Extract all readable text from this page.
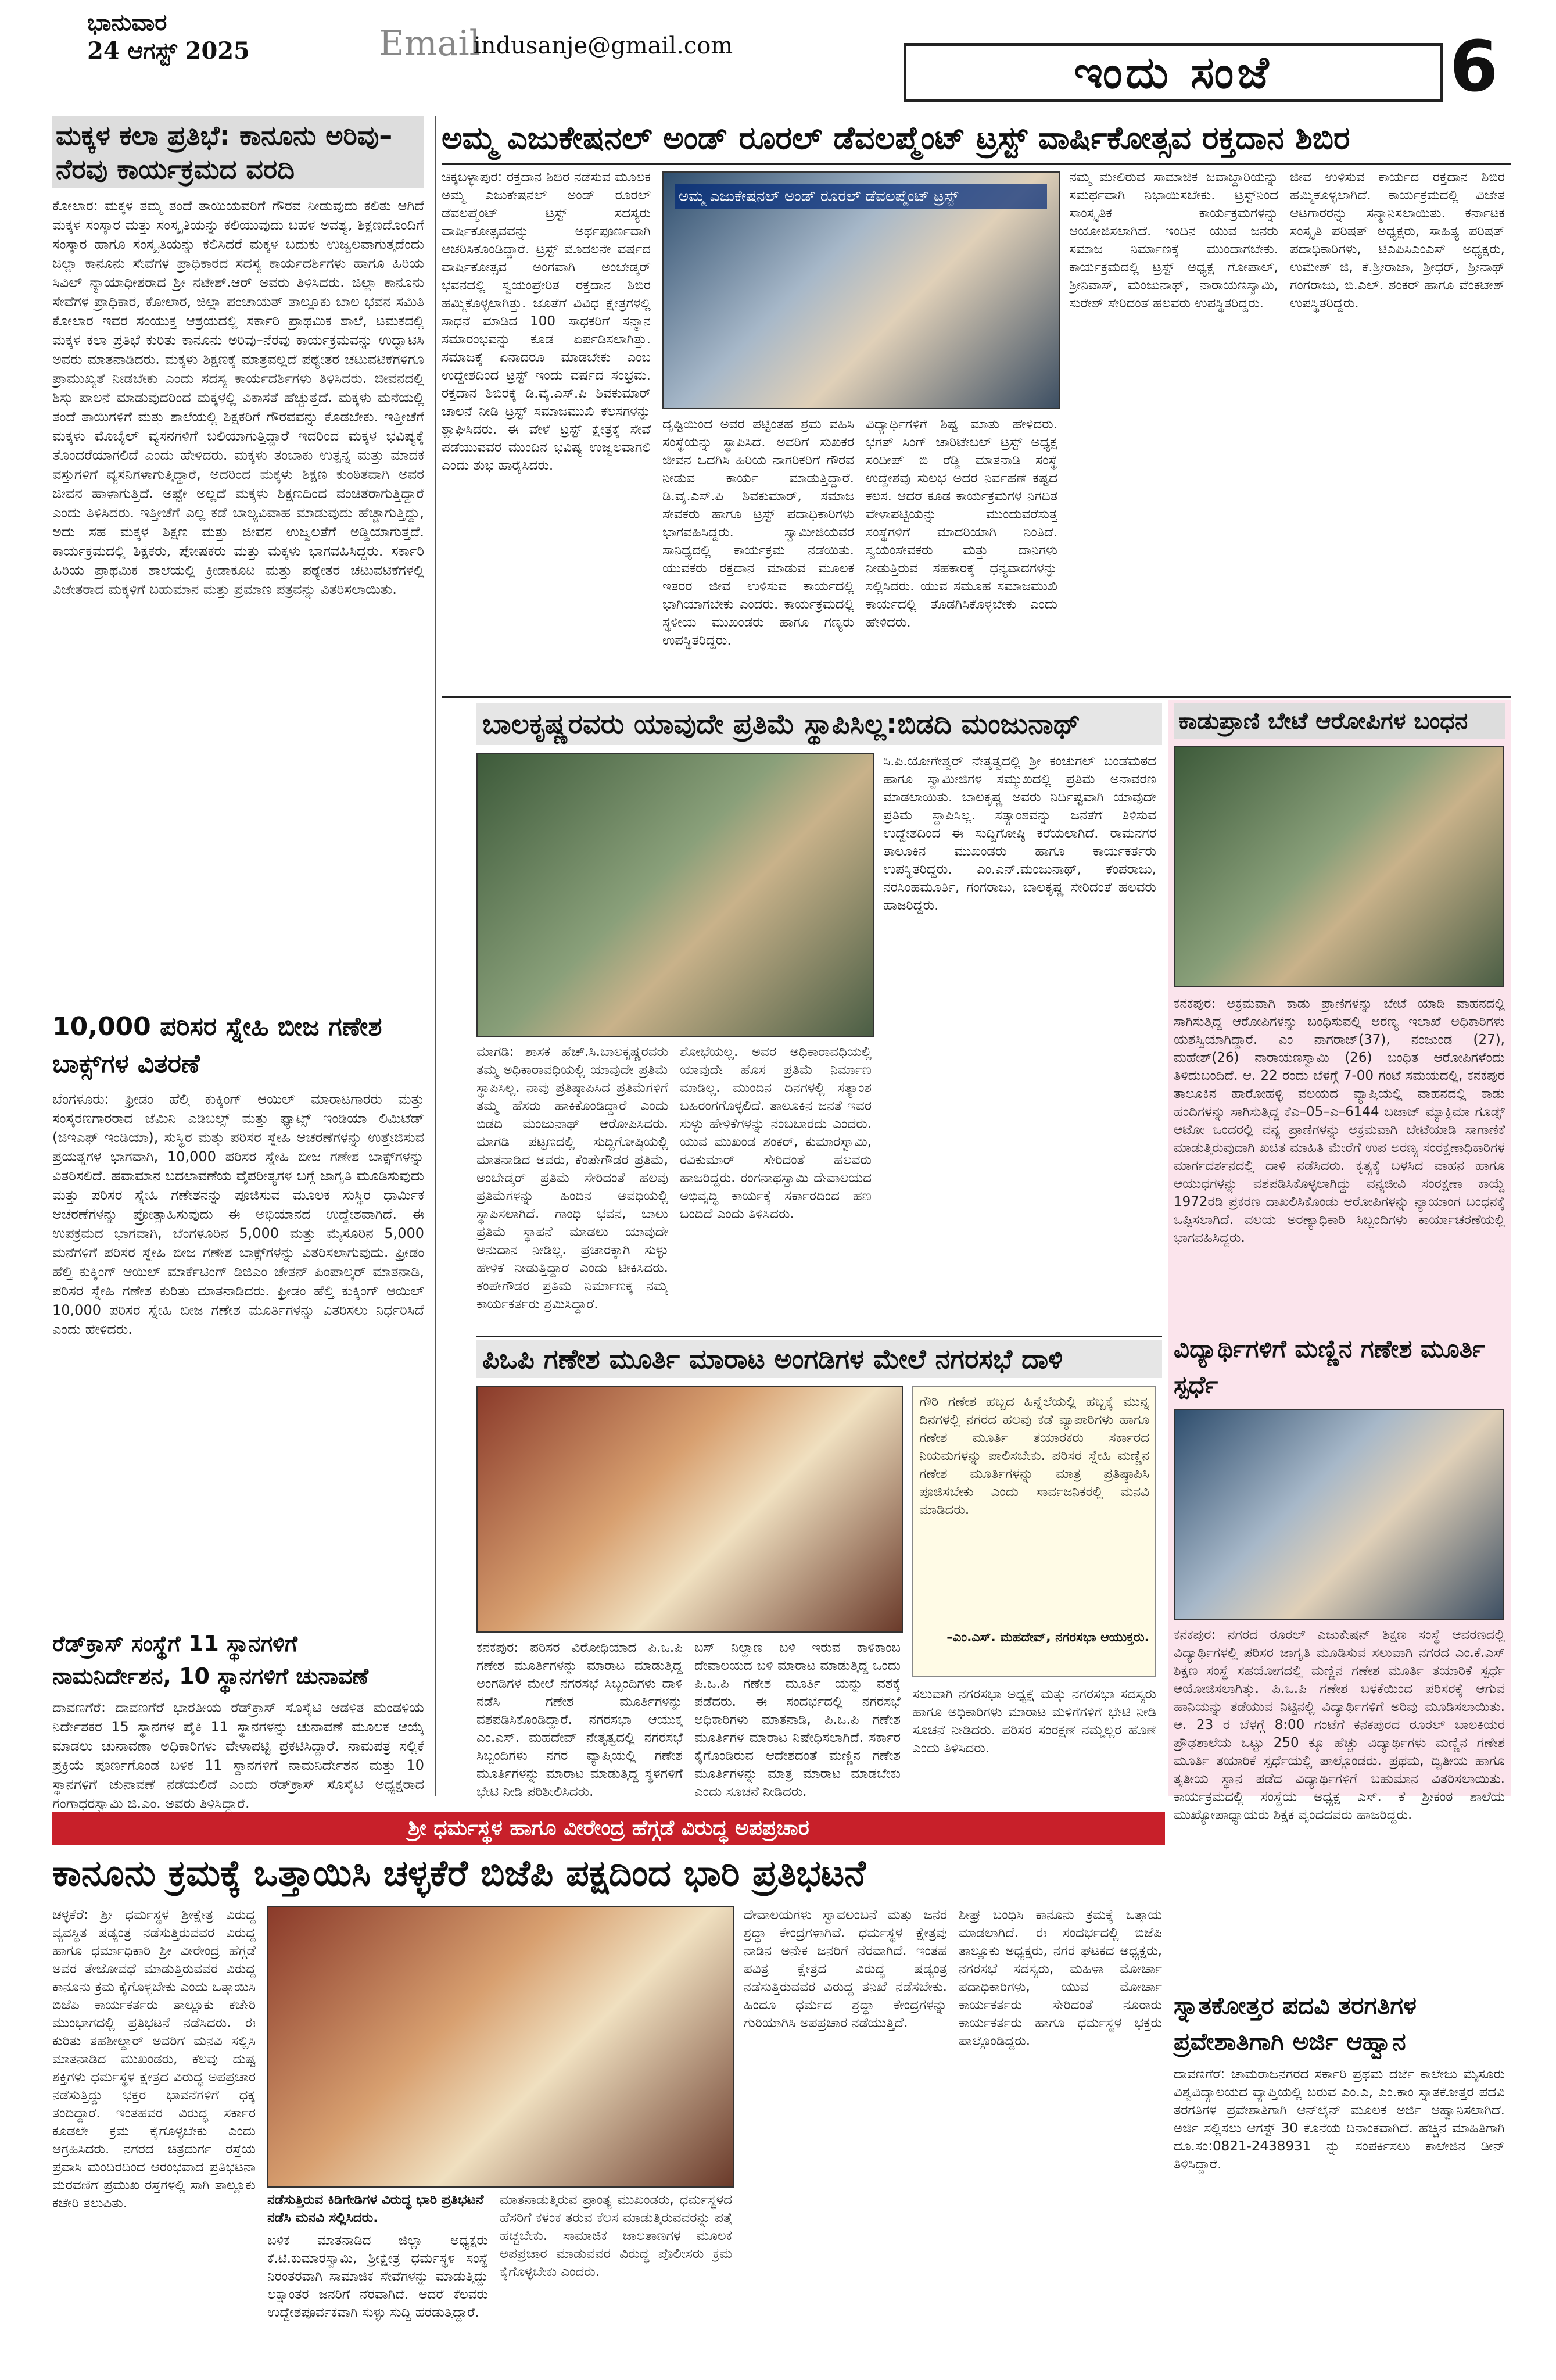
ಭಾನುವಾರ
24 ಆಗಸ್ಟ್ 2025	Email
indusanje@gmail.com
ಇಂದು ಸಂಜೆ	6
ಮಕ್ಕಳ ಕಲಾ ಪ್ರತಿಭೆ: ಕಾನೂನು ಅರಿವು–ನೆರವು ಕಾರ್ಯಕ್ರಮದ ವರದಿ

ಕೋಲಾರ: ಮಕ್ಕಳ ತಮ್ಮ ತಂದೆ ತಾಯಿಯವರಿಗೆ ಗೌರವ ನೀಡುವುದು ಕಲಿತು ಆಗಿದೆ ಮಕ್ಕಳ ಸಂಸ್ಕಾರ ಮತ್ತು ಸಂಸ್ಕೃತಿಯನ್ನು ಕಲಿಯುವುದು ಬಹಳ ಅವಶ್ಯ, ಶಿಕ್ಷಣದೊಂದಿಗೆ ಸಂಸ್ಕಾರ ಹಾಗೂ ಸಂಸ್ಕೃತಿಯನ್ನು ಕಲಿಸಿದರೆ ಮಕ್ಕಳ ಬದುಕು ಉಜ್ವಲವಾಗುತ್ತದೆಂದು ಜಿಲ್ಲಾ ಕಾನೂನು ಸೇವೆಗಳ ಪ್ರಾಧಿಕಾರದ ಸದಸ್ಯ ಕಾರ್ಯದರ್ಶಿಗಳು ಹಾಗೂ ಹಿರಿಯ ಸಿವಿಲ್ ನ್ಯಾಯಾಧೀಶರಾದ ಶ್ರೀ ನಟೇಶ್.ಆರ್ ಅವರು ತಿಳಿಸಿದರು. ಜಿಲ್ಲಾ ಕಾನೂನು ಸೇವೆಗಳ ಪ್ರಾಧಿಕಾರ, ಕೋಲಾರ, ಜಿಲ್ಲಾ ಪಂಚಾಯತ್ ತಾಲ್ಲೂಕು ಬಾಲ ಭವನ ಸಮಿತಿ ಕೋಲಾರ ಇವರ ಸಂಯುಕ್ತ ಆಶ್ರಯದಲ್ಲಿ ಸರ್ಕಾರಿ ಪ್ರಾಥಮಿಕ ಶಾಲೆ, ಟಮಕದಲ್ಲಿ ಮಕ್ಕಳ ಕಲಾ ಪ್ರತಿಭೆ ಕುರಿತು ಕಾನೂನು ಅರಿವು–ನೆರವು ಕಾರ್ಯಕ್ರಮವನ್ನು ಉದ್ಘಾಟಿಸಿ ಅವರು ಮಾತನಾಡಿದರು. ಮಕ್ಕಳು ಶಿಕ್ಷಣಕ್ಕೆ ಮಾತ್ರವಲ್ಲದೆ ಪಠ್ಯೇತರ ಚಟುವಟಿಕೆಗಳಿಗೂ ಪ್ರಾಮುಖ್ಯತೆ ನೀಡಬೇಕು ಎಂದು ಸದಸ್ಯ ಕಾರ್ಯದರ್ಶಿಗಳು ತಿಳಿಸಿದರು. ಜೀವನದಲ್ಲಿ ಶಿಸ್ತು ಪಾಲನೆ ಮಾಡುವುದರಿಂದ ಮಕ್ಕಳಲ್ಲಿ ವಿಕಾಸತೆ ಹೆಚ್ಚುತ್ತದೆ. ಮಕ್ಕಳು ಮನೆಯಲ್ಲಿ ತಂದೆ ತಾಯಿಗಳಿಗೆ ಮತ್ತು ಶಾಲೆಯಲ್ಲಿ ಶಿಕ್ಷಕರಿಗೆ ಗೌರವವನ್ನು ಕೊಡಬೇಕು. ಇತ್ತೀಚೆಗೆ ಮಕ್ಕಳು ಮೊಬೈಲ್ ವ್ಯಸನಗಳಿಗೆ ಬಲಿಯಾಗುತ್ತಿದ್ದಾರೆ ಇದರಿಂದ ಮಕ್ಕಳ ಭವಿಷ್ಯಕ್ಕೆ ತೊಂದರೆಯಾಗಲಿದೆ ಎಂದು ಹೇಳಿದರು. ಮಕ್ಕಳು ತಂಬಾಕು ಉತ್ಪನ್ನ ಮತ್ತು ಮಾದಕ ವಸ್ತುಗಳಿಗೆ ವ್ಯಸನಿಗಳಾಗುತ್ತಿದ್ದಾರೆ, ಅದರಿಂದ ಮಕ್ಕಳು ಶಿಕ್ಷಣ ಕುಂಠಿತವಾಗಿ ಅವರ ಜೀವನ ಹಾಳಾಗುತ್ತಿದೆ. ಅಷ್ಟೇ ಅಲ್ಲದೆ ಮಕ್ಕಳು ಶಿಕ್ಷಣದಿಂದ ವಂಚಿತರಾಗುತ್ತಿದ್ದಾರೆ ಎಂದು ತಿಳಿಸಿದರು. ಇತ್ತೀಚೆಗೆ ಎಲ್ಲ ಕಡೆ ಬಾಲ್ಯವಿವಾಹ ಮಾಡುವುದು ಹೆಚ್ಚಾಗುತ್ತಿದ್ದು, ಅದು ಸಹ ಮಕ್ಕಳ ಶಿಕ್ಷಣ ಮತ್ತು ಜೀವನ ಉಜ್ವಲತೆಗೆ ಅಡ್ಡಿಯಾಗುತ್ತದೆ. ಕಾರ್ಯಕ್ರಮದಲ್ಲಿ ಶಿಕ್ಷಕರು, ಪೋಷಕರು ಮತ್ತು ಮಕ್ಕಳು ಭಾಗವಹಿಸಿದ್ದರು. ಸರ್ಕಾರಿ ಹಿರಿಯ ಪ್ರಾಥಮಿಕ ಶಾಲೆಯಲ್ಲಿ ಕ್ರೀಡಾಕೂಟ ಮತ್ತು ಪಠ್ಯೇತರ ಚಟುವಟಿಕೆಗಳಲ್ಲಿ ವಿಜೇತರಾದ ಮಕ್ಕಳಿಗೆ ಬಹುಮಾನ ಮತ್ತು ಪ್ರಮಾಣ ಪತ್ರವನ್ನು ವಿತರಿಸಲಾಯಿತು.

10,000 ಪರಿಸರ ಸ್ನೇಹಿ ಬೀಜ ಗಣೇಶ ಬಾಕ್ಸ್‌ಗಳ ವಿತರಣೆ

ಬೆಂಗಳೂರು: ಫ್ರೀಡಂ ಹೆಲ್ತಿ ಕುಕ್ಕಿಂಗ್ ಆಯಿಲ್ ಮಾರಾಟಗಾರರು ಮತ್ತು ಸಂಸ್ಕರಣಗಾರರಾದ ಜೆಮಿನಿ ಎಡಿಬಲ್ಸ್ ಮತ್ತು ಫ್ಯಾಟ್ಸ್ ಇಂಡಿಯಾ ಲಿಮಿಟೆಡ್ (ಜಿಇಎಫ್ ಇಂಡಿಯಾ), ಸುಸ್ಥಿರ ಮತ್ತು ಪರಿಸರ ಸ್ನೇಹಿ ಆಚರಣೆಗಳನ್ನು ಉತ್ತೇಜಿಸುವ ಪ್ರಯತ್ನಗಳ ಭಾಗವಾಗಿ, 10,000 ಪರಿಸರ ಸ್ನೇಹಿ ಬೀಜ ಗಣೇಶ ಬಾಕ್ಸ್‌ಗಳನ್ನು ವಿತರಿಸಲಿದೆ. ಹವಾಮಾನ ಬದಲಾವಣೆಯ ವೈಪರೀತ್ಯಗಳ ಬಗ್ಗೆ ಜಾಗೃತಿ ಮೂಡಿಸುವುದು ಮತ್ತು ಪರಿಸರ ಸ್ನೇಹಿ ಗಣೇಶನನ್ನು ಪೂಜಿಸುವ ಮೂಲಕ ಸುಸ್ಥಿರ ಧಾರ್ಮಿಕ ಆಚರಣೆಗಳನ್ನು ಪ್ರೋತ್ಸಾಹಿಸುವುದು ಈ ಅಭಿಯಾನದ ಉದ್ದೇಶವಾಗಿದೆ. ಈ ಉಪಕ್ರಮದ ಭಾಗವಾಗಿ, ಬೆಂಗಳೂರಿನ 5,000 ಮತ್ತು ಮೈಸೂರಿನ 5,000 ಮನೆಗಳಿಗೆ ಪರಿಸರ ಸ್ನೇಹಿ ಬೀಜ ಗಣೇಶ ಬಾಕ್ಸ್‌ಗಳನ್ನು ವಿತರಿಸಲಾಗುವುದು. ಫ್ರೀಡಂ ಹೆಲ್ತಿ ಕುಕ್ಕಿಂಗ್ ಆಯಿಲ್ ಮಾರ್ಕೆಟಿಂಗ್ ಡಿಜಿಎಂ ಚೇತನ್ ಪಿಂಪಾಲ್ಕರ್ ಮಾತನಾಡಿ, ಪರಿಸರ ಸ್ನೇಹಿ ಗಣೇಶ ಕುರಿತು ಮಾತನಾಡಿದರು. ಫ್ರೀಡಂ ಹೆಲ್ತಿ ಕುಕ್ಕಿಂಗ್ ಆಯಿಲ್ 10,000 ಪರಿಸರ ಸ್ನೇಹಿ ಬೀಜ ಗಣೇಶ ಮೂರ್ತಿಗಳನ್ನು ವಿತರಿಸಲು ನಿರ್ಧರಿಸಿದೆ ಎಂದು ಹೇಳಿದರು.

ರೆಡ್‌ಕ್ರಾಸ್ ಸಂಸ್ಥೆಗೆ 11 ಸ್ಥಾನಗಳಿಗೆ ನಾಮನಿರ್ದೇಶನ, 10 ಸ್ಥಾನಗಳಿಗೆ ಚುನಾವಣೆ

ದಾವಣಗೆರೆ: ದಾವಣಗೆರೆ ಭಾರತೀಯ ರೆಡ್‌ಕ್ರಾಸ್ ಸೊಸೈಟಿ ಆಡಳಿತ ಮಂಡಳಿಯ ನಿರ್ದೇಶಕರ 15 ಸ್ಥಾನಗಳ ಪೈಕಿ 11 ಸ್ಥಾನಗಳನ್ನು ಚುನಾವಣೆ ಮೂಲಕ ಆಯ್ಕೆ ಮಾಡಲು ಚುನಾವಣಾ ಅಧಿಕಾರಿಗಳು ವೇಳಾಪಟ್ಟಿ ಪ್ರಕಟಿಸಿದ್ದಾರೆ. ನಾಮಪತ್ರ ಸಲ್ಲಿಕೆ ಪ್ರಕ್ರಿಯೆ ಪೂರ್ಣಗೊಂಡ ಬಳಿಕ 11 ಸ್ಥಾನಗಳಿಗೆ ನಾಮನಿರ್ದೇಶನ ಮತ್ತು 10 ಸ್ಥಾನಗಳಿಗೆ ಚುನಾವಣೆ ನಡೆಯಲಿದೆ ಎಂದು ರೆಡ್‌ಕ್ರಾಸ್ ಸೊಸೈಟಿ ಅಧ್ಯಕ್ಷರಾದ ಗಂಗಾಧರಸ್ವಾಮಿ ಜಿ.ಎಂ. ಅವರು ತಿಳಿಸಿದ್ದಾರೆ.

ಅಮ್ಮ ಎಜುಕೇಷನಲ್ ಅಂಡ್ ರೂರಲ್ ಡೆವಲಪ್ಮೆಂಟ್ ಟ್ರಸ್ಟ್ ವಾರ್ಷಿಕೋತ್ಸವ ರಕ್ತದಾನ ಶಿಬಿರ

ಚಿಕ್ಕಬಳ್ಳಾಪುರ: ರಕ್ತದಾನ ಶಿಬಿರ ನಡೆಸುವ ಮೂಲಕ ಅಮ್ಮ ಎಜುಕೇಷನಲ್ ಅಂಡ್ ರೂರಲ್ ಡೆವಲಪ್ಮೆಂಟ್ ಟ್ರಸ್ಟ್ ಸದಸ್ಯರು ವಾರ್ಷಿಕೋತ್ಸವವನ್ನು ಅರ್ಥಪೂರ್ಣವಾಗಿ ಆಚರಿಸಿಕೊಂಡಿದ್ದಾರೆ. ಟ್ರಸ್ಟ್ ಮೊದಲನೇ ವರ್ಷದ ವಾರ್ಷಿಕೋತ್ಸವ ಅಂಗವಾಗಿ ಅಂಬೇಡ್ಕರ್ ಭವನದಲ್ಲಿ ಸ್ವಯಂಪ್ರೇರಿತ ರಕ್ತದಾನ ಶಿಬಿರ ಹಮ್ಮಿಕೊಳ್ಳಲಾಗಿತ್ತು. ಜೊತೆಗೆ ವಿವಿಧ ಕ್ಷೇತ್ರಗಳಲ್ಲಿ ಸಾಧನೆ ಮಾಡಿದ 100 ಸಾಧಕರಿಗೆ ಸನ್ಮಾನ ಸಮಾರಂಭವನ್ನು ಕೂಡ ಏರ್ಪಡಿಸಲಾಗಿತ್ತು. ಸಮಾಜಕ್ಕೆ ಏನಾದರೂ ಮಾಡಬೇಕು ಎಂಬ ಉದ್ದೇಶದಿಂದ ಟ್ರಸ್ಟ್ ಇಂದು ವರ್ಷದ ಸಂಭ್ರಮ. ರಕ್ತದಾನ ಶಿಬಿರಕ್ಕೆ ಡಿ.ವೈ.ಎಸ್.ಪಿ ಶಿವಕುಮಾರ್ ಚಾಲನೆ ನೀಡಿ ಟ್ರಸ್ಟ್ ಸಮಾಜಮುಖಿ ಕೆಲಸಗಳನ್ನು ಶ್ಲಾಘಿಸಿದರು. ಈ ವೇಳೆ ಟ್ರಸ್ಟ್ ಕ್ಷೇತ್ರಕ್ಕೆ ಸೇವೆ ಪಡೆಯುವವರ ಮುಂದಿನ ಭವಿಷ್ಯ ಉಜ್ವಲವಾಗಲಿ ಎಂದು ಶುಭ ಹಾರೈಸಿದರು.

ಅಮ್ಮ ಎಜುಕೇಷನಲ್ ಅಂಡ್ ರೂರಲ್ ಡೆವಲಪ್ಮೆಂಟ್ ಟ್ರಸ್ಟ್

ದೃಷ್ಟಿಯಿಂದ ಅವರ ಪಟ್ಟಿಂತಹ ಶ್ರಮ ವಹಿಸಿ ಸಂಸ್ಥೆಯನ್ನು ಸ್ಥಾಪಿಸಿದೆ. ಅವರಿಗೆ ಸುಖಕರ ಜೀವನ ಒದಗಿಸಿ ಹಿರಿಯ ನಾಗರಿಕರಿಗೆ ಗೌರವ ನೀಡುವ ಕಾರ್ಯ ಮಾಡುತ್ತಿದ್ದಾರೆ. ಡಿ.ವೈ.ಎಸ್.ಪಿ ಶಿವಕುಮಾರ್, ಸಮಾಜ ಸೇವಕರು ಹಾಗೂ ಟ್ರಸ್ಟ್ ಪದಾಧಿಕಾರಿಗಳು ಭಾಗವಹಿಸಿದ್ದರು. ಸ್ವಾಮೀಜಿಯವರ ಸಾನಿಧ್ಯದಲ್ಲಿ ಕಾರ್ಯಕ್ರಮ ನಡೆಯಿತು. ಯುವಕರು ರಕ್ತದಾನ ಮಾಡುವ ಮೂಲಕ ಇತರರ ಜೀವ ಉಳಿಸುವ ಕಾರ್ಯದಲ್ಲಿ ಭಾಗಿಯಾಗಬೇಕು ಎಂದರು. ಕಾರ್ಯಕ್ರಮದಲ್ಲಿ ಸ್ಥಳೀಯ ಮುಖಂಡರು ಹಾಗೂ ಗಣ್ಯರು ಉಪಸ್ಥಿತರಿದ್ದರು.

ವಿದ್ಯಾರ್ಥಿಗಳಿಗೆ ಶಿಷ್ಟ ಮಾತು ಹೇಳಿದರು. ಭಗತ್ ಸಿಂಗ್ ಚಾರಿಟೇಬಲ್ ಟ್ರಸ್ಟ್ ಅಧ್ಯಕ್ಷ ಸಂದೀಪ್ ಬಿ ರೆಡ್ಡಿ ಮಾತನಾಡಿ ಸಂಸ್ಥೆ ಉದ್ದೇಶವು ಸುಲಭ ಅದರ ನಿರ್ವಹಣೆ ಕಷ್ಟದ ಕೆಲಸ. ಆದರೆ ಕೂಡ ಕಾರ್ಯಕ್ರಮಗಳ ನಿಗದಿತ ವೇಳಾಪಟ್ಟಿಯನ್ನು ಮುಂದುವರೆಸುತ್ತ ಸಂಸ್ಥೆಗಳಿಗೆ ಮಾದರಿಯಾಗಿ ನಿಂತಿದೆ. ಸ್ವಯಂಸೇವಕರು ಮತ್ತು ದಾನಿಗಳು ನೀಡುತ್ತಿರುವ ಸಹಕಾರಕ್ಕೆ ಧನ್ಯವಾದಗಳನ್ನು ಸಲ್ಲಿಸಿದರು. ಯುವ ಸಮೂಹ ಸಮಾಜಮುಖಿ ಕಾರ್ಯದಲ್ಲಿ ತೊಡಗಿಸಿಕೊಳ್ಳಬೇಕು ಎಂದು ಹೇಳಿದರು.

ನಮ್ಮ ಮೇಲಿರುವ ಸಾಮಾಜಿಕ ಜವಾಬ್ದಾರಿಯನ್ನು ಸಮರ್ಥವಾಗಿ ನಿಭಾಯಿಸಬೇಕು. ಟ್ರಸ್ಟ್‌ನಿಂದ ಸಾಂಸ್ಕೃತಿಕ ಕಾರ್ಯಕ್ರಮಗಳನ್ನು ಆಯೋಜಿಸಲಾಗಿದೆ. ಇಂದಿನ ಯುವ ಜನರು ಸಮಾಜ ನಿರ್ಮಾಣಕ್ಕೆ ಮುಂದಾಗಬೇಕು. ಕಾರ್ಯಕ್ರಮದಲ್ಲಿ ಟ್ರಸ್ಟ್ ಅಧ್ಯಕ್ಷ ಗೋಪಾಲ್, ಶ್ರೀನಿವಾಸ್, ಮಂಜುನಾಥ್, ನಾರಾಯಣಸ್ವಾಮಿ, ಸುರೇಶ್ ಸೇರಿದಂತೆ ಹಲವರು ಉಪಸ್ಥಿತರಿದ್ದರು.

ಜೀವ ಉಳಿಸುವ ಕಾರ್ಯದ ರಕ್ತದಾನ ಶಿಬಿರ ಹಮ್ಮಿಕೊಳ್ಳಲಾಗಿದೆ. ಕಾರ್ಯಕ್ರಮದಲ್ಲಿ ವಿಜೇತ ಆಟಗಾರರನ್ನು ಸನ್ಮಾನಿಸಲಾಯಿತು. ಕರ್ನಾಟಕ ಸಂಸ್ಕೃತಿ ಪರಿಷತ್ ಅಧ್ಯಕ್ಷರು, ಸಾಹಿತ್ಯ ಪರಿಷತ್ ಪದಾಧಿಕಾರಿಗಳು, ಟಿಎಪಿಸಿಎಂಎಸ್ ಅಧ್ಯಕ್ಷರು, ಉಮೇಶ್ ಜಿ, ಕೆ.ಶ್ರೀರಾಜಾ, ಶ್ರೀಧರ್, ಶ್ರೀನಾಥ್ ಗಂಗರಾಜು, ಬಿ.ಎಲ್. ಶಂಕರ್ ಹಾಗೂ ವೆಂಕಟೇಶ್ ಉಪಸ್ಥಿತರಿದ್ದರು.

ಬಾಲಕೃಷ್ಣರವರು ಯಾವುದೇ ಪ್ರತಿಮೆ ಸ್ಥಾಪಿಸಿಲ್ಲ:ಬಿಡದಿ ಮಂಜುನಾಥ್

ಮಾಗಡಿ: ಶಾಸಕ ಹೆಚ್.ಸಿ.ಬಾಲಕೃಷ್ಣರವರು ತಮ್ಮ ಅಧಿಕಾರಾವಧಿಯಲ್ಲಿ ಯಾವುದೇ ಪ್ರತಿಮೆ ಸ್ಥಾಪಿಸಿಲ್ಲ. ನಾವು ಪ್ರತಿಷ್ಠಾಪಿಸಿದ ಪ್ರತಿಮೆಗಳಿಗೆ ತಮ್ಮ ಹೆಸರು ಹಾಕಿಕೊಂಡಿದ್ದಾರೆ ಎಂದು ಬಿಡದಿ ಮಂಜುನಾಥ್ ಆರೋಪಿಸಿದರು. ಮಾಗಡಿ ಪಟ್ಟಣದಲ್ಲಿ ಸುದ್ದಿಗೋಷ್ಠಿಯಲ್ಲಿ ಮಾತನಾಡಿದ ಅವರು, ಕೆಂಪೇಗೌಡರ ಪ್ರತಿಮೆ, ಅಂಬೇಡ್ಕರ್ ಪ್ರತಿಮೆ ಸೇರಿದಂತೆ ಹಲವು ಪ್ರತಿಮೆಗಳನ್ನು ಹಿಂದಿನ ಅವಧಿಯಲ್ಲಿ ಸ್ಥಾಪಿಸಲಾಗಿದೆ. ಗಾಂಧಿ ಭವನ, ಬಾಲು ಪ್ರತಿಮೆ ಸ್ಥಾಪನೆ ಮಾಡಲು ಯಾವುದೇ ಅನುದಾನ ನೀಡಿಲ್ಲ. ಪ್ರಚಾರಕ್ಕಾಗಿ ಸುಳ್ಳು ಹೇಳಿಕೆ ನೀಡುತ್ತಿದ್ದಾರೆ ಎಂದು ಟೀಕಿಸಿದರು. ಕೆಂಪೇಗೌಡರ ಪ್ರತಿಮೆ ನಿರ್ಮಾಣಕ್ಕೆ ನಮ್ಮ ಕಾರ್ಯಕರ್ತರು ಶ್ರಮಿಸಿದ್ದಾರೆ.

ಶೋಭೆಯಲ್ಲ. ಅವರ ಅಧಿಕಾರಾವಧಿಯಲ್ಲಿ ಯಾವುದೇ ಹೊಸ ಪ್ರತಿಮೆ ನಿರ್ಮಾಣ ಮಾಡಿಲ್ಲ. ಮುಂದಿನ ದಿನಗಳಲ್ಲಿ ಸತ್ಯಾಂಶ ಬಹಿರಂಗಗೊಳ್ಳಲಿದೆ. ತಾಲೂಕಿನ ಜನತೆ ಇವರ ಸುಳ್ಳು ಹೇಳಿಕೆಗಳನ್ನು ನಂಬಬಾರದು ಎಂದರು. ಯುವ ಮುಖಂಡ ಶಂಕರ್, ಕುಮಾರಸ್ವಾಮಿ, ರವಿಕುಮಾರ್ ಸೇರಿದಂತೆ ಹಲವರು ಹಾಜರಿದ್ದರು. ರಂಗನಾಥಸ್ವಾಮಿ ದೇವಾಲಯದ ಅಭಿವೃದ್ಧಿ ಕಾರ್ಯಕ್ಕೆ ಸರ್ಕಾರದಿಂದ ಹಣ ಬಂದಿದೆ ಎಂದು ತಿಳಿಸಿದರು.

ಸಿ.ಪಿ.ಯೋಗೇಶ್ವರ್ ನೇತೃತ್ವದಲ್ಲಿ ಶ್ರೀ ಕಂಚುಗಲ್ ಬಂಡೆಮಠದ ಹಾಗೂ ಸ್ವಾಮೀಜಿಗಳ ಸಮ್ಮುಖದಲ್ಲಿ ಪ್ರತಿಮೆ ಅನಾವರಣ ಮಾಡಲಾಯಿತು. ಬಾಲಕೃಷ್ಣ ಅವರು ನಿರ್ದಿಷ್ಟವಾಗಿ ಯಾವುದೇ ಪ್ರತಿಮೆ ಸ್ಥಾಪಿಸಿಲ್ಲ. ಸತ್ಯಾಂಶವನ್ನು ಜನತೆಗೆ ತಿಳಿಸುವ ಉದ್ದೇಶದಿಂದ ಈ ಸುದ್ದಿಗೋಷ್ಠಿ ಕರೆಯಲಾಗಿದೆ. ರಾಮನಗರ ತಾಲೂಕಿನ ಮುಖಂಡರು ಹಾಗೂ ಕಾರ್ಯಕರ್ತರು ಉಪಸ್ಥಿತರಿದ್ದರು. ಎಂ.ಎನ್.ಮಂಜುನಾಥ್, ಕೆಂಪರಾಜು, ನರಸಿಂಹಮೂರ್ತಿ, ಗಂಗರಾಜು, ಬಾಲಕೃಷ್ಣ ಸೇರಿದಂತೆ ಹಲವರು ಹಾಜರಿದ್ದರು.

ಪಿಒಪಿ ಗಣೇಶ ಮೂರ್ತಿ ಮಾರಾಟ ಅಂಗಡಿಗಳ ಮೇಲೆ ನಗರಸಭೆ ದಾಳಿ

ಕನಕಪುರ: ಪರಿಸರ ವಿರೋಧಿಯಾದ ಪಿ.ಒ.ಪಿ ಗಣೇಶ ಮೂರ್ತಿಗಳನ್ನು ಮಾರಾಟ ಮಾಡುತ್ತಿದ್ದ ಅಂಗಡಿಗಳ ಮೇಲೆ ನಗರಸಭೆ ಸಿಬ್ಬಂದಿಗಳು ದಾಳಿ ನಡೆಸಿ ಗಣೇಶ ಮೂರ್ತಿಗಳನ್ನು ವಶಪಡಿಸಿಕೊಂಡಿದ್ದಾರೆ. ನಗರಸಭಾ ಆಯುಕ್ತ ಎಂ.ಎಸ್. ಮಹದೇವ್ ನೇತೃತ್ವದಲ್ಲಿ ನಗರಸಭೆ ಸಿಬ್ಬಂದಿಗಳು ನಗರ ವ್ಯಾಪ್ತಿಯಲ್ಲಿ ಗಣೇಶ ಮೂರ್ತಿಗಳನ್ನು ಮಾರಾಟ ಮಾಡುತ್ತಿದ್ದ ಸ್ಥಳಗಳಿಗೆ ಭೇಟಿ ನೀಡಿ ಪರಿಶೀಲಿಸಿದರು.

ಬಸ್ ನಿಲ್ದಾಣ ಬಳಿ ಇರುವ ಕಾಳಿಕಾಂಬ ದೇವಾಲಯದ ಬಳಿ ಮಾರಾಟ ಮಾಡುತ್ತಿದ್ದ ಒಂದು ಪಿ.ಒ.ಪಿ ಗಣೇಶ ಮೂರ್ತಿ ಯನ್ನು ವಶಕ್ಕೆ ಪಡೆದರು. ಈ ಸಂದರ್ಭದಲ್ಲಿ ನಗರಸಭೆ ಅಧಿಕಾರಿಗಳು ಮಾತನಾಡಿ, ಪಿ.ಒ.ಪಿ ಗಣೇಶ ಮೂರ್ತಿಗಳ ಮಾರಾಟ ನಿಷೇಧಿಸಲಾಗಿದೆ. ಸರ್ಕಾರ ಕೈಗೊಂಡಿರುವ ಆದೇಶದಂತೆ ಮಣ್ಣಿನ ಗಣೇಶ ಮೂರ್ತಿಗಳನ್ನು ಮಾತ್ರ ಮಾರಾಟ ಮಾಡಬೇಕು ಎಂದು ಸೂಚನೆ ನೀಡಿದರು.

ಗೌರಿ ಗಣೇಶ ಹಬ್ಬದ ಹಿನ್ನೆಲೆಯಲ್ಲಿ ಹಬ್ಬಕ್ಕೆ ಮುನ್ನ ದಿನಗಳಲ್ಲಿ ನಗರದ ಹಲವು ಕಡೆ ವ್ಯಾಪಾರಿಗಳು ಹಾಗೂ ಗಣೇಶ ಮೂರ್ತಿ ತಯಾರಕರು ಸರ್ಕಾರದ ನಿಯಮಗಳನ್ನು ಪಾಲಿಸಬೇಕು. ಪರಿಸರ ಸ್ನೇಹಿ ಮಣ್ಣಿನ ಗಣೇಶ ಮೂರ್ತಿಗಳನ್ನು ಮಾತ್ರ ಪ್ರತಿಷ್ಠಾಪಿಸಿ ಪೂಜಿಸಬೇಕು ಎಂದು ಸಾರ್ವಜನಿಕರಲ್ಲಿ ಮನವಿ ಮಾಡಿದರು.

–ಎಂ.ಎಸ್. ಮಹದೇವ್, ನಗರಸಭಾ ಆಯುಕ್ತರು.

ಸಲುವಾಗಿ ನಗರಸಭಾ ಅಧ್ಯಕ್ಷೆ ಮತ್ತು ನಗರಸಭಾ ಸದಸ್ಯರು ಹಾಗೂ ಅಧಿಕಾರಿಗಳು ಮಾರಾಟ ಮಳಿಗೆಗಳಿಗೆ ಭೇಟಿ ನೀಡಿ ಸೂಚನೆ ನೀಡಿದರು. ಪರಿಸರ ಸಂರಕ್ಷಣೆ ನಮ್ಮೆಲ್ಲರ ಹೊಣೆ ಎಂದು ತಿಳಿಸಿದರು.

ಕಾಡುಪ್ರಾಣಿ ಬೇಟೆ ಆರೋಪಿಗಳ ಬಂಧನ

ಕನಕಪುರ: ಅಕ್ರಮವಾಗಿ ಕಾಡು ಪ್ರಾಣಿಗಳನ್ನು ಬೇಟೆ ಯಾಡಿ ವಾಹನದಲ್ಲಿ ಸಾಗಿಸುತ್ತಿದ್ದ ಆರೋಪಿಗಳನ್ನು ಬಂಧಿಸುವಲ್ಲಿ ಅರಣ್ಯ ಇಲಾಖೆ ಅಧಿಕಾರಿಗಳು ಯಶಸ್ವಿಯಾಗಿದ್ದಾರೆ. ಎಂ ನಾಗರಾಜ್(37), ನಂಜುಂಡ (27), ಮಹೇಶ್(26) ನಾರಾಯಣಸ್ವಾಮಿ (26) ಬಂಧಿತ ಆರೋಪಿಗಳೆಂದು ತಿಳಿದುಬಂದಿದೆ. ಆ. 22 ರಂದು ಬೆಳಗ್ಗೆ 7-00 ಗಂಟೆ ಸಮಯದಲ್ಲಿ, ಕನಕಪುರ ತಾಲೂಕಿನ ಹಾರೋಹಳ್ಳಿ ವಲಯದ ವ್ಯಾಪ್ತಿಯಲ್ಲಿ ವಾಹನದಲ್ಲಿ ಕಾಡು ಹಂದಿಗಳನ್ನು ಸಾಗಿಸುತ್ತಿದ್ದ ಕೆಎ–05–ಎ–6144 ಬಜಾಜ್ ಮ್ಯಾಕ್ಸಿಮಾ ಗೂಡ್ಸ್ ಆಟೋ ಒಂದರಲ್ಲಿ ವನ್ಯ ಪ್ರಾಣಿಗಳನ್ನು ಅಕ್ರಮವಾಗಿ ಬೇಟೆಯಾಡಿ ಸಾಗಾಣಿಕೆ ಮಾಡುತ್ತಿರುವುದಾಗಿ ಖಚಿತ ಮಾಹಿತಿ ಮೇರೆಗೆ ಉಪ ಅರಣ್ಯ ಸಂರಕ್ಷಣಾಧಿಕಾರಿಗಳ ಮಾರ್ಗದರ್ಶನದಲ್ಲಿ ದಾಳಿ ನಡೆಸಿದರು. ಕೃತ್ಯಕ್ಕೆ ಬಳಸಿದ ವಾಹನ ಹಾಗೂ ಆಯುಧಗಳನ್ನು ವಶಪಡಿಸಿಕೊಳ್ಳಲಾಗಿದ್ದು ವನ್ಯಜೀವಿ ಸಂರಕ್ಷಣಾ ಕಾಯ್ದೆ 1972ರಡಿ ಪ್ರಕರಣ ದಾಖಲಿಸಿಕೊಂಡು ಆರೋಪಿಗಳನ್ನು ನ್ಯಾಯಾಂಗ ಬಂಧನಕ್ಕೆ ಒಪ್ಪಿಸಲಾಗಿದೆ. ವಲಯ ಅರಣ್ಯಾಧಿಕಾರಿ ಸಿಬ್ಬಂದಿಗಳು ಕಾರ್ಯಾಚರಣೆಯಲ್ಲಿ ಭಾಗವಹಿಸಿದ್ದರು.

ವಿದ್ಯಾರ್ಥಿಗಳಿಗೆ ಮಣ್ಣಿನ ಗಣೇಶ ಮೂರ್ತಿ ಸ್ಪರ್ಧೆ

ಕನಕಪುರ: ನಗರದ ರೂರಲ್ ಎಜುಕೇಷನ್ ಶಿಕ್ಷಣ ಸಂಸ್ಥೆ ಆವರಣದಲ್ಲಿ ವಿದ್ಯಾರ್ಥಿಗಳಲ್ಲಿ ಪರಿಸರ ಜಾಗೃತಿ ಮೂಡಿಸುವ ಸಲುವಾಗಿ ನಗರದ ಎಂ.ಕೆ.ಎಸ್ ಶಿಕ್ಷಣ ಸಂಸ್ಥೆ ಸಹಯೋಗದಲ್ಲಿ ಮಣ್ಣಿನ ಗಣೇಶ ಮೂರ್ತಿ ತಯಾರಿಕೆ ಸ್ಪರ್ಧೆ ಆಯೋಜಿಸಲಾಗಿತ್ತು. ಪಿ.ಒ.ಪಿ ಗಣೇಶ ಬಳಕೆಯಿಂದ ಪರಿಸರಕ್ಕೆ ಆಗುವ ಹಾನಿಯನ್ನು ತಡೆಯುವ ನಿಟ್ಟಿನಲ್ಲಿ ವಿದ್ಯಾರ್ಥಿಗಳಿಗೆ ಅರಿವು ಮೂಡಿಸಲಾಯಿತು. ಆ. 23 ರ ಬೆಳಗ್ಗೆ 8:00 ಗಂಟೆಗೆ ಕನಕಪುರದ ರೂರಲ್ ಬಾಲಕಿಯರ ಪ್ರೌಢಶಾಲೆಯ ಒಟ್ಟು 250 ಕ್ಕೂ ಹೆಚ್ಚು ವಿದ್ಯಾರ್ಥಿಗಳು ಮಣ್ಣಿನ ಗಣೇಶ ಮೂರ್ತಿ ತಯಾರಿಕೆ ಸ್ಪರ್ಧೆಯಲ್ಲಿ ಪಾಲ್ಗೊಂಡರು. ಪ್ರಥಮ, ದ್ವಿತೀಯ ಹಾಗೂ ತೃತೀಯ ಸ್ಥಾನ ಪಡೆದ ವಿದ್ಯಾರ್ಥಿಗಳಿಗೆ ಬಹುಮಾನ ವಿತರಿಸಲಾಯಿತು. ಕಾರ್ಯಕ್ರಮದಲ್ಲಿ ಸಂಸ್ಥೆಯ ಅಧ್ಯಕ್ಷ ಎಸ್. ಕೆ ಶ್ರೀಕಂಠ ಶಾಲೆಯ ಮುಖ್ಯೋಪಾಧ್ಯಾಯರು ಶಿಕ್ಷಕ ವೃಂದದವರು ಹಾಜರಿದ್ದರು.

ಶ್ರೀ ಧರ್ಮಸ್ಥಳ ಹಾಗೂ ವೀರೇಂದ್ರ ಹೆಗ್ಗಡೆ ವಿರುದ್ಧ ಅಪಪ್ರಚಾರ
ಕಾನೂನು ಕ್ರಮಕ್ಕೆ ಒತ್ತಾಯಿಸಿ ಚಳ್ಳಕೆರೆ ಬಿಜೆಪಿ ಪಕ್ಷದಿಂದ ಭಾರಿ ಪ್ರತಿಭಟನೆ

ಚಳ್ಳಕೆರೆ: ಶ್ರೀ ಧರ್ಮಸ್ಥಳ ಶ್ರೀಕ್ಷೇತ್ರ ವಿರುದ್ಧ ವ್ಯವಸ್ಥಿತ ಷಡ್ಯಂತ್ರ ನಡೆಸುತ್ತಿರುವವರ ವಿರುದ್ಧ ಹಾಗೂ ಧರ್ಮಾಧಿಕಾರಿ ಶ್ರೀ ವೀರೇಂದ್ರ ಹೆಗ್ಗಡೆ ಅವರ ತೇಜೋವಧೆ ಮಾಡುತ್ತಿರುವವರ ವಿರುದ್ಧ ಕಾನೂನು ಕ್ರಮ ಕೈಗೊಳ್ಳಬೇಕು ಎಂದು ಒತ್ತಾಯಿಸಿ ಬಿಜೆಪಿ ಕಾರ್ಯಕರ್ತರು ತಾಲ್ಲೂಕು ಕಚೇರಿ ಮುಂಭಾಗದಲ್ಲಿ ಪ್ರತಿಭಟನೆ ನಡೆಸಿದರು. ಈ ಕುರಿತು ತಹಶೀಲ್ದಾರ್ ಅವರಿಗೆ ಮನವಿ ಸಲ್ಲಿಸಿ ಮಾತನಾಡಿದ ಮುಖಂಡರು, ಕೆಲವು ದುಷ್ಟ ಶಕ್ತಿಗಳು ಧರ್ಮಸ್ಥಳ ಕ್ಷೇತ್ರದ ವಿರುದ್ಧ ಅಪಪ್ರಚಾರ ನಡೆಸುತ್ತಿದ್ದು ಭಕ್ತರ ಭಾವನೆಗಳಿಗೆ ಧಕ್ಕೆ ತಂದಿದ್ದಾರೆ. ಇಂತಹವರ ವಿರುದ್ಧ ಸರ್ಕಾರ ಕೂಡಲೇ ಕ್ರಮ ಕೈಗೊಳ್ಳಬೇಕು ಎಂದು ಆಗ್ರಹಿಸಿದರು. ನಗರದ ಚಿತ್ರದುರ್ಗ ರಸ್ತೆಯ ಪ್ರವಾಸಿ ಮಂದಿರದಿಂದ ಆರಂಭವಾದ ಪ್ರತಿಭಟನಾ ಮೆರವಣಿಗೆ ಪ್ರಮುಖ ರಸ್ತೆಗಳಲ್ಲಿ ಸಾಗಿ ತಾಲ್ಲೂಕು ಕಚೇರಿ ತಲುಪಿತು.	ನಡೆಸುತ್ತಿರುವ ಕಿಡಿಗೇಡಿಗಳ ವಿರುದ್ಧ ಭಾರಿ ಪ್ರತಿಭಟನೆ ನಡೆಸಿ ಮನವಿ ಸಲ್ಲಿಸಿದರು.

ಬಳಿಕ ಮಾತನಾಡಿದ ಜಿಲ್ಲಾ ಅಧ್ಯಕ್ಷರು ಕೆ.ಟಿ.ಕುಮಾರಸ್ವಾಮಿ, ಶ್ರೀಕ್ಷೇತ್ರ ಧರ್ಮಸ್ಥಳ ಸಂಸ್ಥೆ ನಿರಂತರವಾಗಿ ಸಾಮಾಜಿಕ ಸೇವೆಗಳನ್ನು ಮಾಡುತ್ತಿದ್ದು ಲಕ್ಷಾಂತರ ಜನರಿಗೆ ನೆರವಾಗಿದೆ. ಆದರೆ ಕೆಲವರು ಉದ್ದೇಶಪೂರ್ವಕವಾಗಿ ಸುಳ್ಳು ಸುದ್ದಿ ಹರಡುತ್ತಿದ್ದಾರೆ.

ಮಾತನಾಡುತ್ತಿರುವ ಪ್ರಾಂತ್ಯ ಮುಖಂಡರು, ಧರ್ಮಸ್ಥಳದ ಹೆಸರಿಗೆ ಕಳಂಕ ತರುವ ಕೆಲಸ ಮಾಡುತ್ತಿರುವವರನ್ನು ಪತ್ತೆ ಹಚ್ಚಬೇಕು. ಸಾಮಾಜಿಕ ಜಾಲತಾಣಗಳ ಮೂಲಕ ಅಪಪ್ರಚಾರ ಮಾಡುವವರ ವಿರುದ್ಧ ಪೊಲೀಸರು ಕ್ರಮ ಕೈಗೊಳ್ಳಬೇಕು ಎಂದರು.

ದೇವಾಲಯಗಳು ಸ್ವಾವಲಂಬನೆ ಮತ್ತು ಜನರ ಶ್ರದ್ಧಾ ಕೇಂದ್ರಗಳಾಗಿವೆ. ಧರ್ಮಸ್ಥಳ ಕ್ಷೇತ್ರವು ನಾಡಿನ ಅನೇಕ ಜನರಿಗೆ ನೆರವಾಗಿದೆ. ಇಂತಹ ಪವಿತ್ರ ಕ್ಷೇತ್ರದ ವಿರುದ್ಧ ಷಡ್ಯಂತ್ರ ನಡೆಸುತ್ತಿರುವವರ ವಿರುದ್ಧ ತನಿಖೆ ನಡೆಸಬೇಕು. ಹಿಂದೂ ಧರ್ಮದ ಶ್ರದ್ಧಾ ಕೇಂದ್ರಗಳನ್ನು ಗುರಿಯಾಗಿಸಿ ಅಪಪ್ರಚಾರ ನಡೆಯುತ್ತಿದೆ.

ಶೀಘ್ರ ಬಂಧಿಸಿ ಕಾನೂನು ಕ್ರಮಕ್ಕೆ ಒತ್ತಾಯ ಮಾಡಲಾಗಿದೆ. ಈ ಸಂದರ್ಭದಲ್ಲಿ ಬಿಜೆಪಿ ತಾಲ್ಲೂಕು ಅಧ್ಯಕ್ಷರು, ನಗರ ಘಟಕದ ಅಧ್ಯಕ್ಷರು, ನಗರಸಭೆ ಸದಸ್ಯರು, ಮಹಿಳಾ ಮೋರ್ಚಾ ಪದಾಧಿಕಾರಿಗಳು, ಯುವ ಮೋರ್ಚಾ ಕಾರ್ಯಕರ್ತರು ಸೇರಿದಂತೆ ನೂರಾರು ಕಾರ್ಯಕರ್ತರು ಹಾಗೂ ಧರ್ಮಸ್ಥಳ ಭಕ್ತರು ಪಾಲ್ಗೊಂಡಿದ್ದರು.

ಸ್ನಾತಕೋತ್ತರ ಪದವಿ ತರಗತಿಗಳ ಪ್ರವೇಶಾತಿಗಾಗಿ ಅರ್ಜಿ ಆಹ್ವಾನ

ದಾವಣಗೆರೆ: ಚಾಮರಾಜನಗರದ ಸರ್ಕಾರಿ ಪ್ರಥಮ ದರ್ಜೆ ಕಾಲೇಜು ಮೈಸೂರು ವಿಶ್ವವಿದ್ಯಾಲಯದ ವ್ಯಾಪ್ತಿಯಲ್ಲಿ ಬರುವ ಎಂ.ಎ, ಎಂ.ಕಾಂ ಸ್ನಾತಕೋತ್ತರ ಪದವಿ ತರಗತಿಗಳ ಪ್ರವೇಶಾತಿಗಾಗಿ ಆನ್‌ಲೈನ್ ಮೂಲಕ ಅರ್ಜಿ ಆಹ್ವಾನಿಸಲಾಗಿದೆ. ಅರ್ಜಿ ಸಲ್ಲಿಸಲು ಆಗಸ್ಟ್ 30 ಕೊನೆಯ ದಿನಾಂಕವಾಗಿದೆ. ಹೆಚ್ಚಿನ ಮಾಹಿತಿಗಾಗಿ ದೂ.ಸಂ:0821-2438931 ನ್ನು ಸಂಪರ್ಕಿಸಲು ಕಾಲೇಜಿನ ಡೀನ್ ತಿಳಿಸಿದ್ದಾರೆ.
